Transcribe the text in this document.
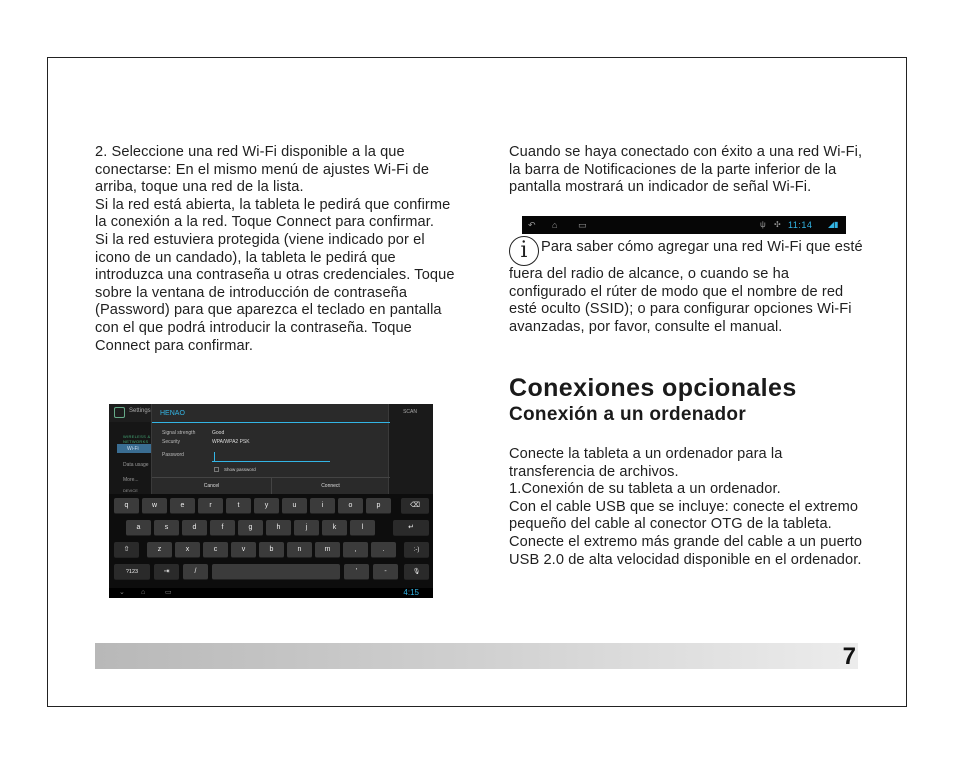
2. Seleccione una red Wi-Fi disponible a la que conectarse: En el mismo menú de ajustes Wi-Fi de arriba, toque una red de la lista.
Si la red está abierta, la tableta le pedirá que confirme la conexión a la red. Toque Connect para confirmar.
Si la red estuviera protegida (viene indicado por el icono de un candado), la tableta le pedirá que introduzca una contraseña u otras credenciales. Toque sobre la ventana de introducción de contraseña (Password) para que aparezca el teclado en pantalla con el que podrá introducir la contraseña. Toque Connect para confirmar.

Settings
WIRELESS & NETWORKS
Wi-Fi
Data usage
More...
DEVICE
SCAN
HENAO
Signal strength	Good
Security	WPA/WPA2 PSK
Password
Show password
Cancel	Connect
q	w	e	r	t	y	u	i	o	p	⌫
a	s	d	f	g	h	j	k	l	↵
⇧	z	x	c	v	b	n	m	,	.	:-)
?123	⇥	/	'	-	🎙
⌄ ⌂	▭	4:15

Cuando se haya conectado con éxito a una red Wi-Fi, la barra de Notificaciones de la parte inferior de la pantalla mostrará un indicador de señal Wi-Fi.

↶ ⌂ ▭	ψ ✣ 11:14 ◢▮

i Para saber cómo agregar una red Wi-Fi que esté fuera del radio de alcance, o cuando se ha configurado el rúter de modo que el nombre de red esté oculto (SSID); o para configurar opciones Wi-Fi avanzadas, por favor, consulte el manual.

Conexiones opcionales
Conexión a un ordenador

Conecte la tableta a un ordenador para la transferencia de archivos.
1.Conexión de su tableta a un ordenador.
Con el cable USB que se incluye: conecte el extremo pequeño del cable al conector OTG de la tableta. Conecte el extremo más grande del cable a un puerto USB 2.0 de alta velocidad disponible en el ordenador.

7
